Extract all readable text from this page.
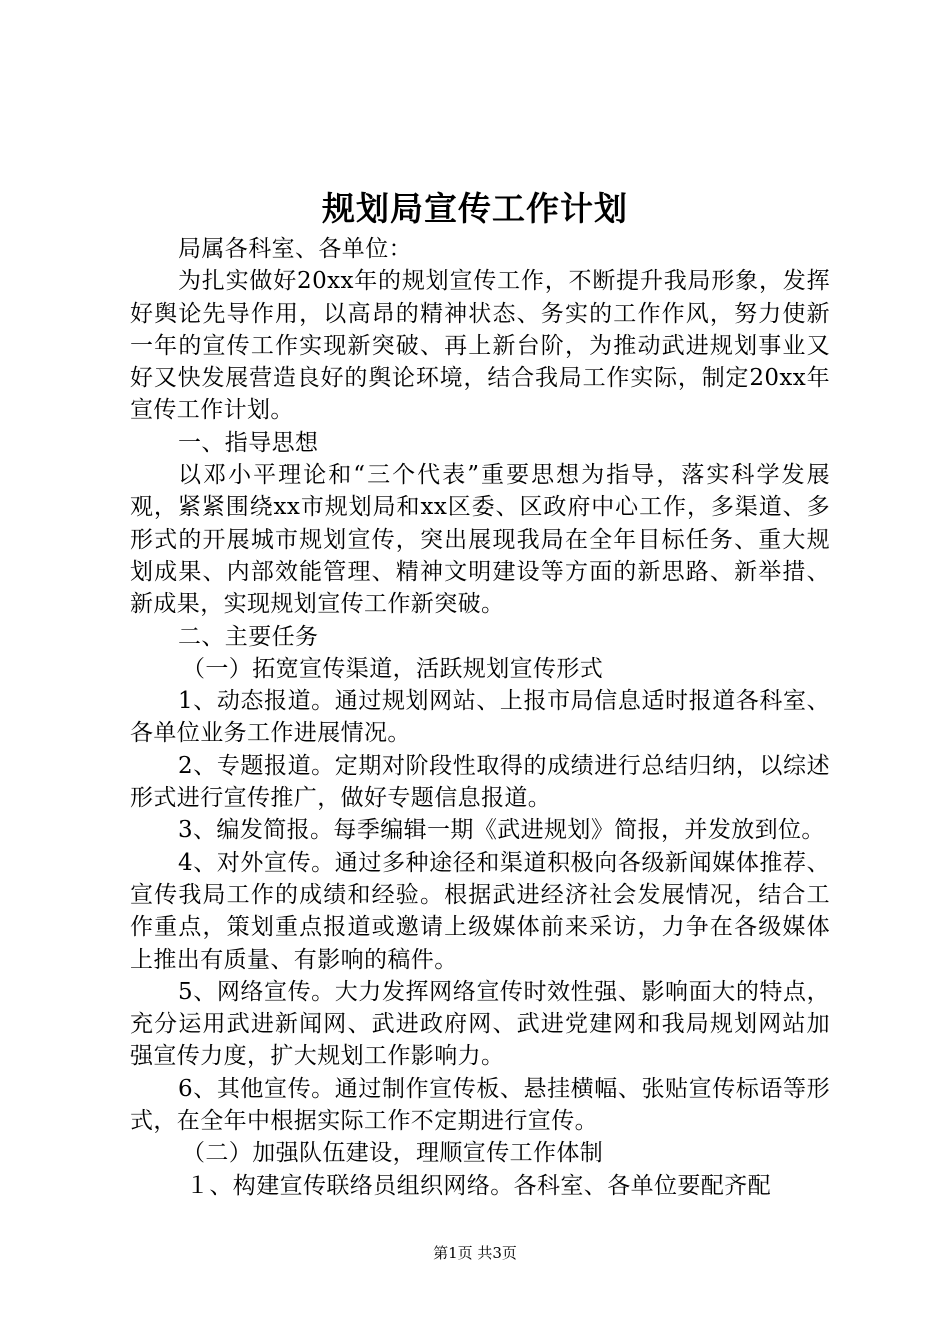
规划局宣传工作计划

局属各科室、各单位：

为扎实做好20xx年的规划宣传工作，不断提升我局形象，发挥好舆论先导作用，以高昂的精神状态、务实的工作作风，努力使新一年的宣传工作实现新突破、再上新台阶，为推动武进规划事业又好又快发展营造良好的舆论环境，结合我局工作实际，制定20xx年宣传工作计划。

一、指导思想

以邓小平理论和“三个代表”重要思想为指导，落实科学发展观，紧紧围绕xx市规划局和xx区委、区政府中心工作，多渠道、多形式的开展城市规划宣传，突出展现我局在全年目标任务、重大规划成果、内部效能管理、精神文明建设等方面的新思路、新举措、新成果，实现规划宣传工作新突破。

二、主要任务

（一）拓宽宣传渠道，活跃规划宣传形式

1、动态报道。通过规划网站、上报市局信息适时报道各科室、各单位业务工作进展情况。

2、专题报道。定期对阶段性取得的成绩进行总结归纳，以综述形式进行宣传推广，做好专题信息报道。

3、编发简报。每季编辑一期《武进规划》简报，并发放到位。

4、对外宣传。通过多种途径和渠道积极向各级新闻媒体推荐、宣传我局工作的成绩和经验。根据武进经济社会发展情况，结合工作重点，策划重点报道或邀请上级媒体前来采访，力争在各级媒体上推出有质量、有影响的稿件。

5、网络宣传。大力发挥网络宣传时效性强、影响面大的特点，充分运用武进新闻网、武进政府网、武进党建网和我局规划网站加强宣传力度，扩大规划工作影响力。

6、其他宣传。通过制作宣传板、悬挂横幅、张贴宣传标语等形式，在全年中根据实际工作不定期进行宣传。

（二）加强队伍建设，理顺宣传工作体制

１、构建宣传联络员组织网络。各科室、各单位要配齐配

第1页 共3页
